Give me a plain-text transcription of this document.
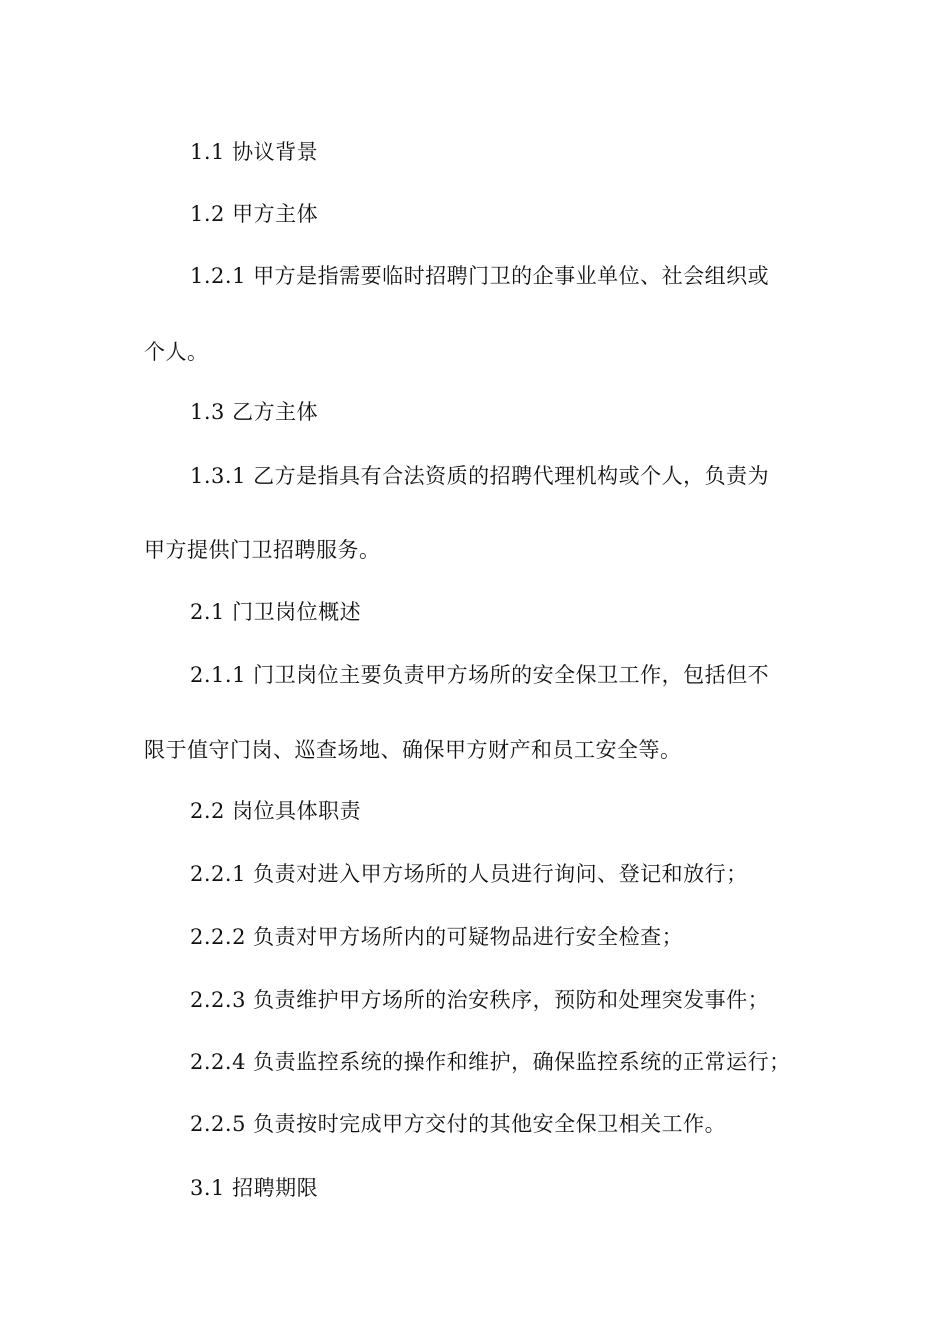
1.1 协议背景
1.2 甲方主体
1.2.1 甲方是指需要临时招聘门卫的企事业单位、社会组织或
个人。
1.3 乙方主体
1.3.1 乙方是指具有合法资质的招聘代理机构或个人，负责为
甲方提供门卫招聘服务。
2.1 门卫岗位概述
2.1.1 门卫岗位主要负责甲方场所的安全保卫工作，包括但不
限于值守门岗、巡查场地、确保甲方财产和员工安全等。
2.2 岗位具体职责
2.2.1 负责对进入甲方场所的人员进行询问、登记和放行；
2.2.2 负责对甲方场所内的可疑物品进行安全检查；
2.2.3 负责维护甲方场所的治安秩序，预防和处理突发事件；
2.2.4 负责监控系统的操作和维护，确保监控系统的正常运行；
2.2.5 负责按时完成甲方交付的其他安全保卫相关工作。
3.1 招聘期限
